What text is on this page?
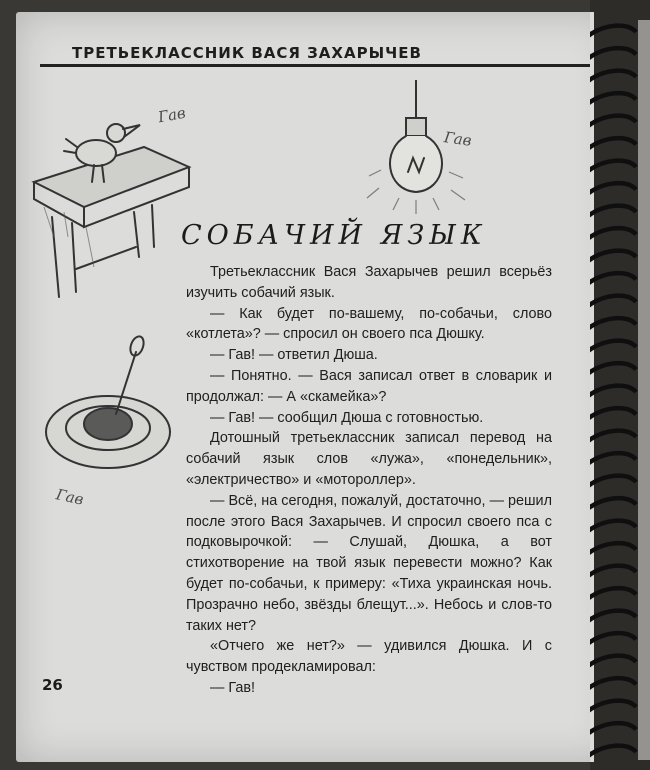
ТРЕТЬЕКЛАССНИК ВАСЯ ЗАХАРЫЧЕВ
Гав
Гав
Гав
СОБАЧИЙ ЯЗЫК

Третьеклассник Вася Захарычев решил всерьёз изучить собачий язык.

— Как будет по-вашему, по-собачьи, слово «котлета»? — спросил он своего пса Дюшку.

— Гав! — ответил Дюша.

— Понятно. — Вася записал ответ в словарик и продолжал: — А «скамейка»?

— Гав! — сообщил Дюша с готовностью.

Дотошный третьеклассник записал перевод на собачий язык слов «лужа», «понедельник», «электричество» и «мотороллер».

— Всё, на сегодня, пожалуй, достаточно, — решил после этого Вася Захарычев. И спросил своего пса с подковырочкой: — Слушай, Дюшка, а вот стихотворение на твой язык перевести можно? Как будет по-собачьи, к примеру: «Тиха украинская ночь. Прозрачно небо, звёзды блещут...». Небось и слов-то таких нет?

«Отчего же нет?» — удивился Дюшка. И с чувством продекламировал:

— Гав!

26
